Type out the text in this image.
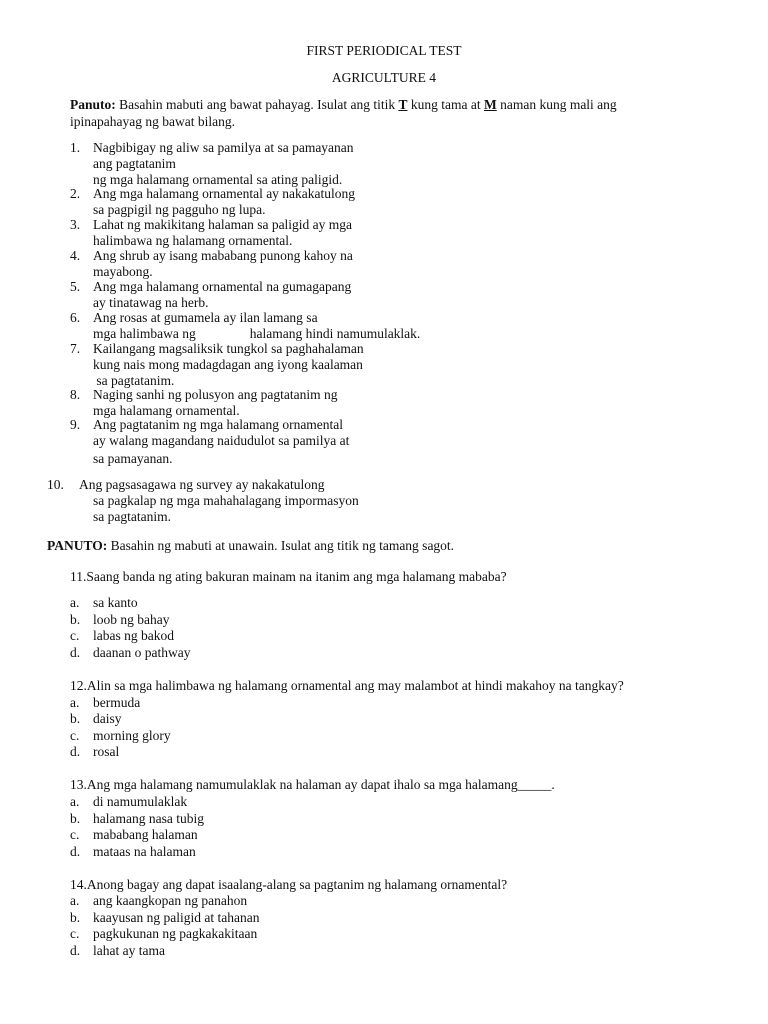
FIRST PERIODICAL TEST
AGRICULTURE 4
Panuto: Basahin mabuti ang bawat pahayag. Isulat ang titik T kung tama at M naman kung mali ang
ipinapahayag ng bawat bilang.
1. Nagbibigay ng aliw sa pamilya at sa pamayanan
ang pagtatanim
ng mga halamang ornamental sa ating paligid.
2. Ang mga halamang ornamental ay nakakatulong
sa pagpigil ng pagguho ng lupa.
3. Lahat ng makikitang halaman sa paligid ay mga
halimbawa ng halamang ornamental.
4. Ang shrub ay isang mababang punong kahoy na
mayabong.
5. Ang mga halamang ornamental na gumagapang
ay tinatawag na herb.
6. Ang rosas at gumamela ay ilan lamang sa
mga halimbawa ng                halamang hindi namumulaklak.
7. Kailangang magsaliksik tungkol sa paghahalaman
kung nais mong madagdagan ang iyong kaalaman
sa pagtatanim.
8. Naging sanhi ng polusyon ang pagtatanim ng
mga halamang ornamental.
9. Ang pagtatanim ng mga halamang ornamental
ay walang magandang naidudulot sa pamilya at
sa pamayanan.
10. Ang pagsasagawa ng survey ay nakakatulong
sa pagkalap ng mga mahahalagang impormasyon
sa pagtatanim.
PANUTO: Basahin ng mabuti at unawain. Isulat ang titik ng tamang sagot.
11.Saang banda ng ating bakuran mainam na itanim ang mga halamang mababa?
a. sa kanto
b. loob ng bahay
c. labas ng bakod
d. daanan o pathway
12.Alin sa mga halimbawa ng halamang ornamental ang may malambot at hindi makahoy na tangkay?
a. bermuda
b. daisy
c. morning glory
d. rosal
13.Ang mga halamang namumulaklak na halaman ay dapat ihalo sa mga halamang_____.
a. di namumulaklak
b. halamang nasa tubig
c. mababang halaman
d. mataas na halaman
14.Anong bagay ang dapat isaalang-alang sa pagtanim ng halamang ornamental?
a. ang kaangkopan ng panahon
b. kaayusan ng paligid at tahanan
c. pagkukunan ng pagkakakitaan
d. lahat ay tama
